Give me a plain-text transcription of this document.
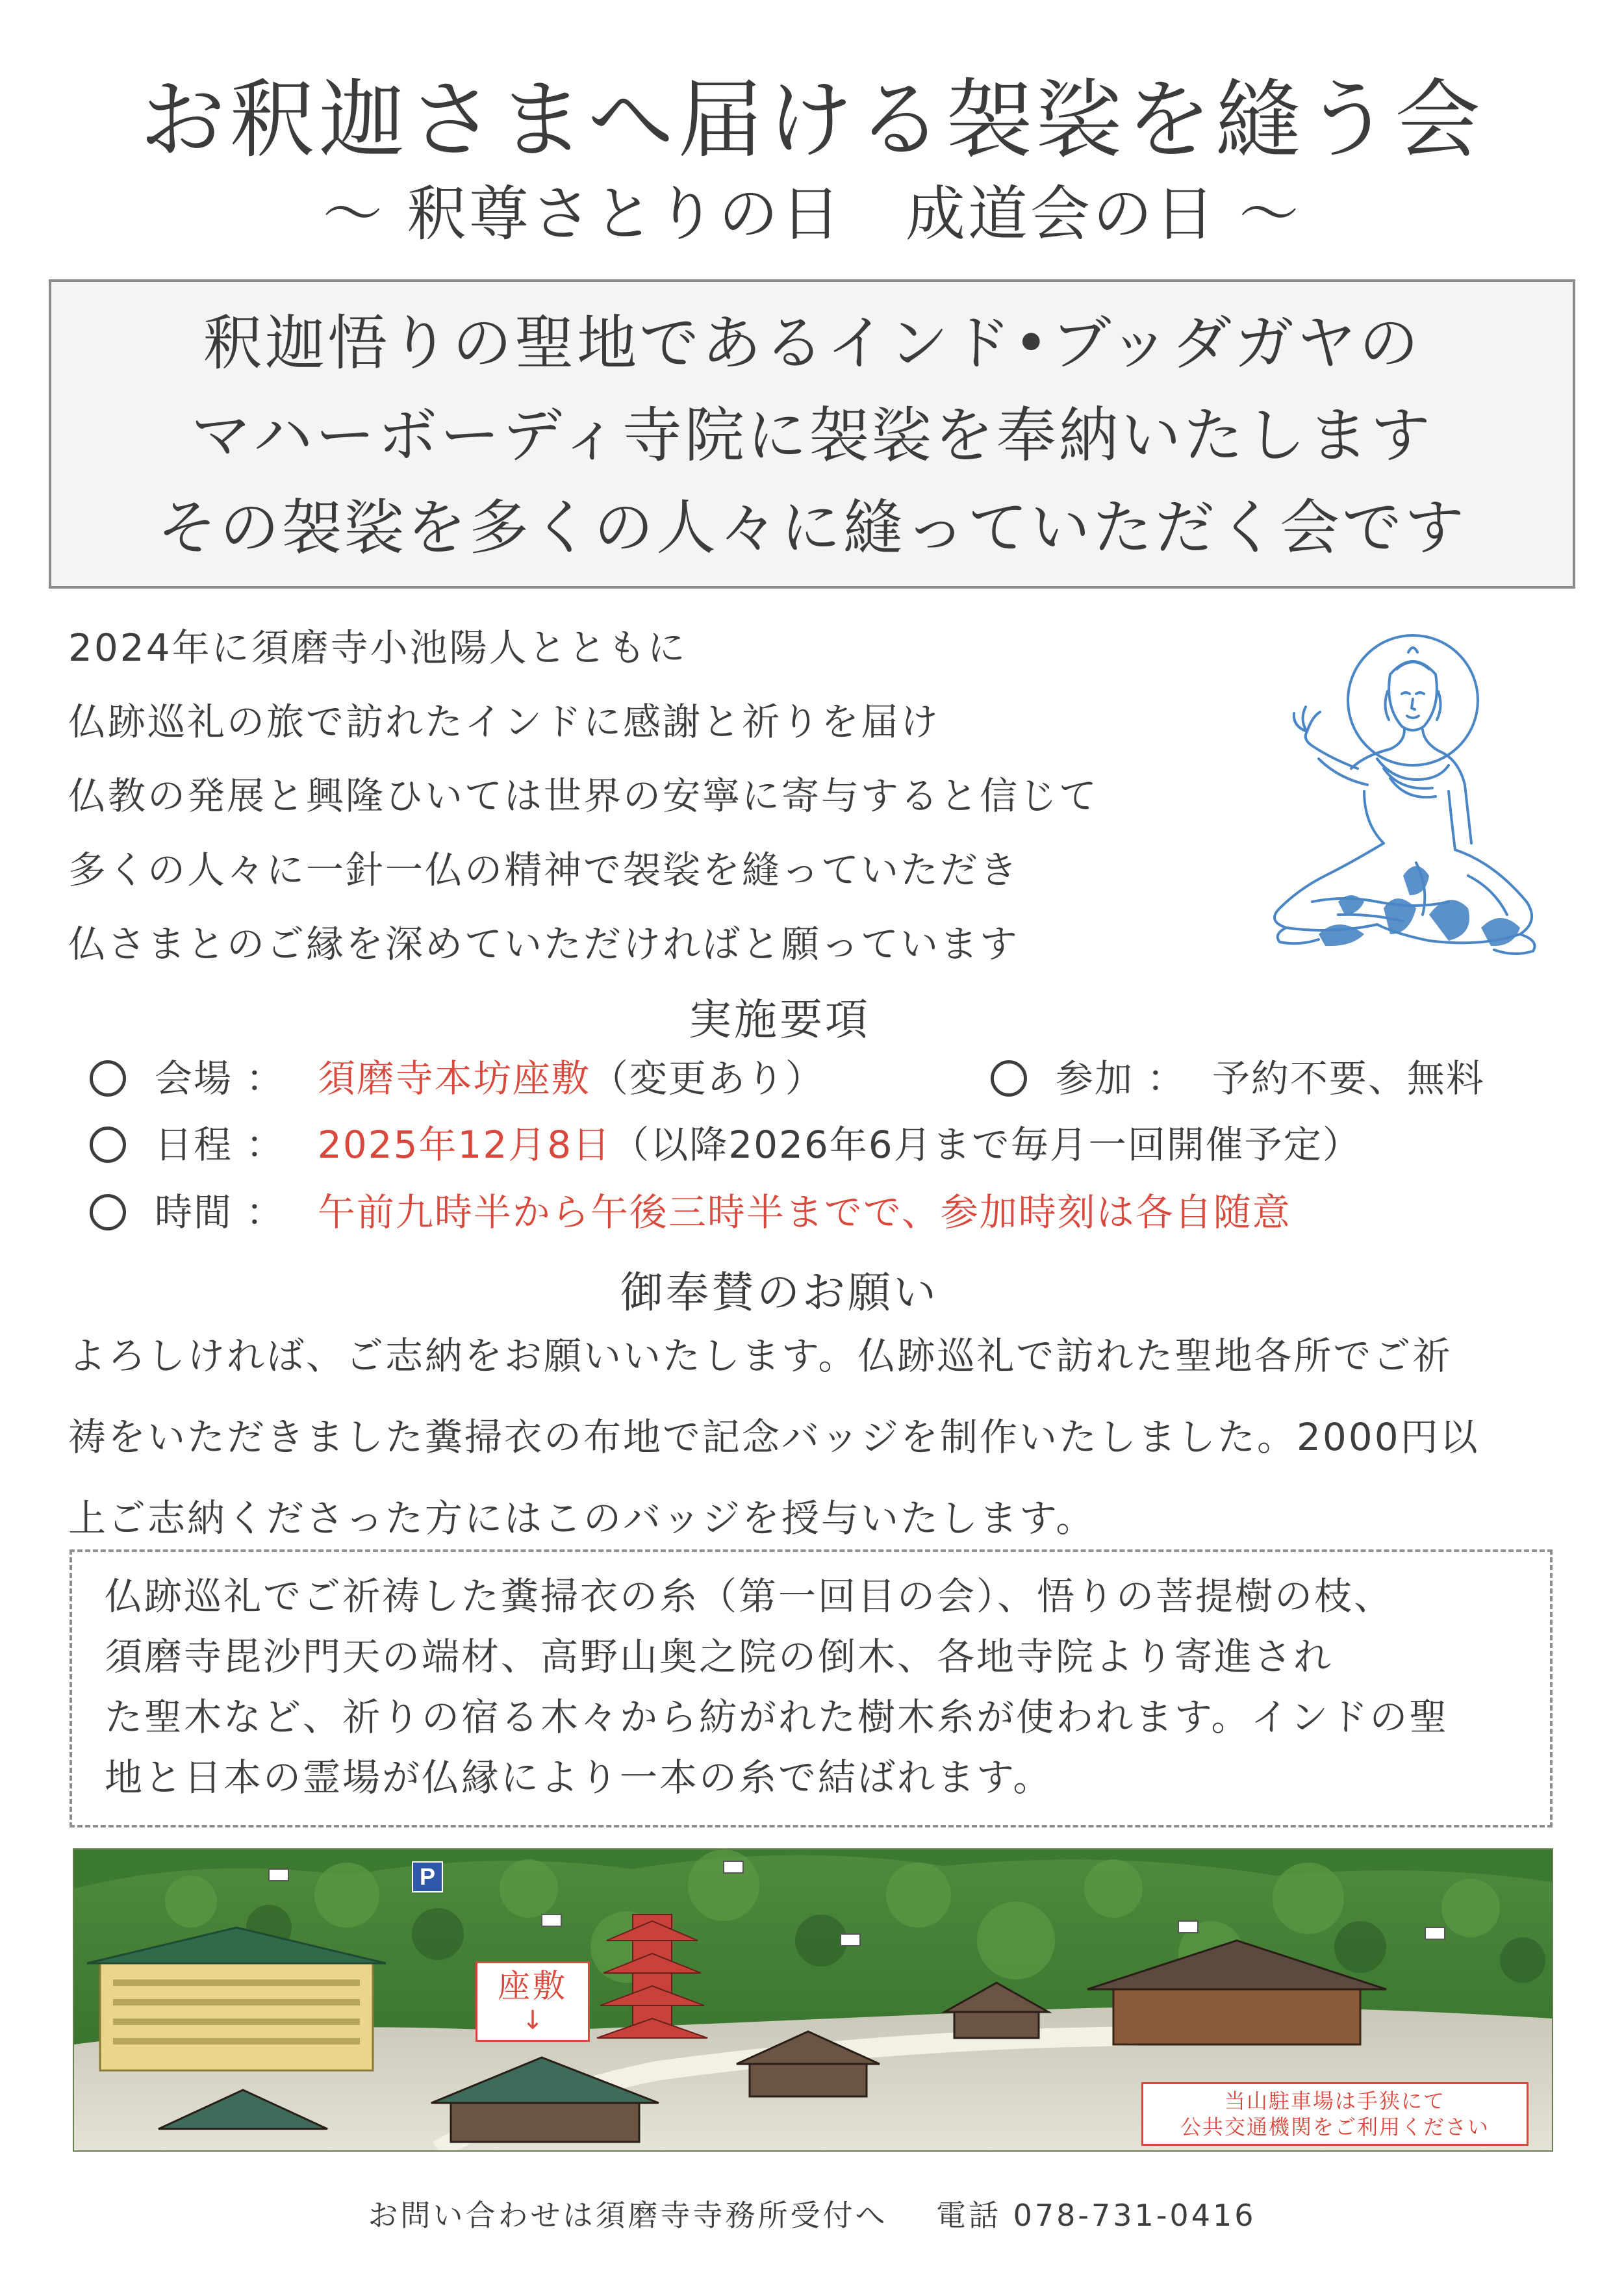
お釈迦さまへ届ける袈裟を縫う会
～ 釈尊さとりの日　成道会の日 ～
釈迦悟りの聖地であるインド•ブッダガヤの
マハーボーディ寺院に袈裟を奉納いたします
その袈裟を多くの人々に縫っていただく会です
2024年に須磨寺小池陽人とともに
仏跡巡礼の旅で訪れたインドに感謝と祈りを届け
仏教の発展と興隆ひいては世界の安寧に寄与すると信じて
多くの人々に一針一仏の精神で袈裟を縫っていただき
仏さまとのご縁を深めていただければと願っています
実施要項
会場 ： 須磨寺本坊座敷（変更あり）	参加 ： 予約不要、無料
日程 ： 2025年12月8日（以降2026年6月まで毎月一回開催予定）
時間 ： 午前九時半から午後三時半までで、参加時刻は各自随意
御奉賛のお願い
よろしければ、ご志納をお願いいたします。仏跡巡礼で訪れた聖地各所でご祈
祷をいただきました糞掃衣の布地で記念バッジを制作いたしました。2000円以
上ご志納くださった方にはこのバッジを授与いたします。
仏跡巡礼でご祈祷した糞掃衣の糸（第一回目の会）、悟りの菩提樹の枝、
須磨寺毘沙門天の端材、高野山奥之院の倒木、各地寺院より寄進され
た聖木など、祈りの宿る木々から紡がれた樹木糸が使われます。インドの聖
地と日本の霊場が仏縁により一本の糸で結ばれます。
P
座敷
↓
当山駐車場は手狭にて
公共交通機関をご利用ください
お問い合わせは須磨寺寺務所受付へ 電話 078-731-0416
